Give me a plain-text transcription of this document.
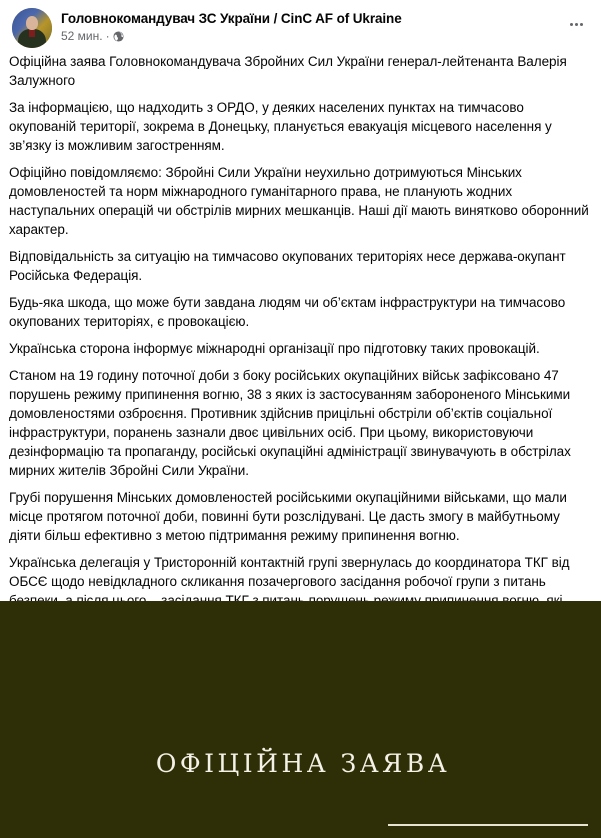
Головнокомандувач ЗС України / CinC AF of Ukraine
52 мин. ·

Офіційна заява Головнокомандувача Збройних Сил України генерал-лейтенанта Валерія Залужного

За інформацією, що надходить з ОРДО, у деяких населених пунктах на тимчасово окупованій території, зокрема в Донецьку, планується евакуація місцевого населення у зв’язку із можливим загостренням.

Офіційно повідомляємо: Збройні Сили України неухильно дотримуються Мінських домовленостей та норм міжнародного гуманітарного права, не планують жодних наступальних операцій чи обстрілів мирних мешканців. Наші дії мають винятково оборонний характер.

Відповідальність за ситуацію на тимчасово окупованих територіях несе держава-окупант Російська Федерація.

Будь-яка шкода, що може бути завдана людям чи об’єктам інфраструктури на тимчасово окупованих територіях, є провокацією.

Українська сторона інформує міжнародні організації про підготовку таких провокацій.

Станом на 19 годину поточної доби з боку російських окупаційних військ зафіксовано 47 порушень режиму припинення вогню, 38 з яких із застосуванням забороненого Мінськими домовленостями озброєння. Противник здійснив прицільні обстріли об’єктів соціальної інфраструктури, поранень зазнали двоє цивільних осіб. При цьому, використовуючи дезінформацію та пропаганду, російські окупаційні адміністрації звинувачують в обстрілах мирних жителів Збройні Сили України.

Грубі порушення Мінських домовленостей російськими окупаційними військами, що мали місце протягом поточної доби, повинні бути розслідувані. Це дасть змогу в майбутньому діяти більш ефективно з метою підтримання режиму припинення вогню.

Українська делегація у Тристоронній контактній групі звернулась до координатора ТКГ від ОБСЄ щодо невідкладного скликання позачергового засідання робочої групи з питань

ОФІЦІЙНА ЗАЯВА
